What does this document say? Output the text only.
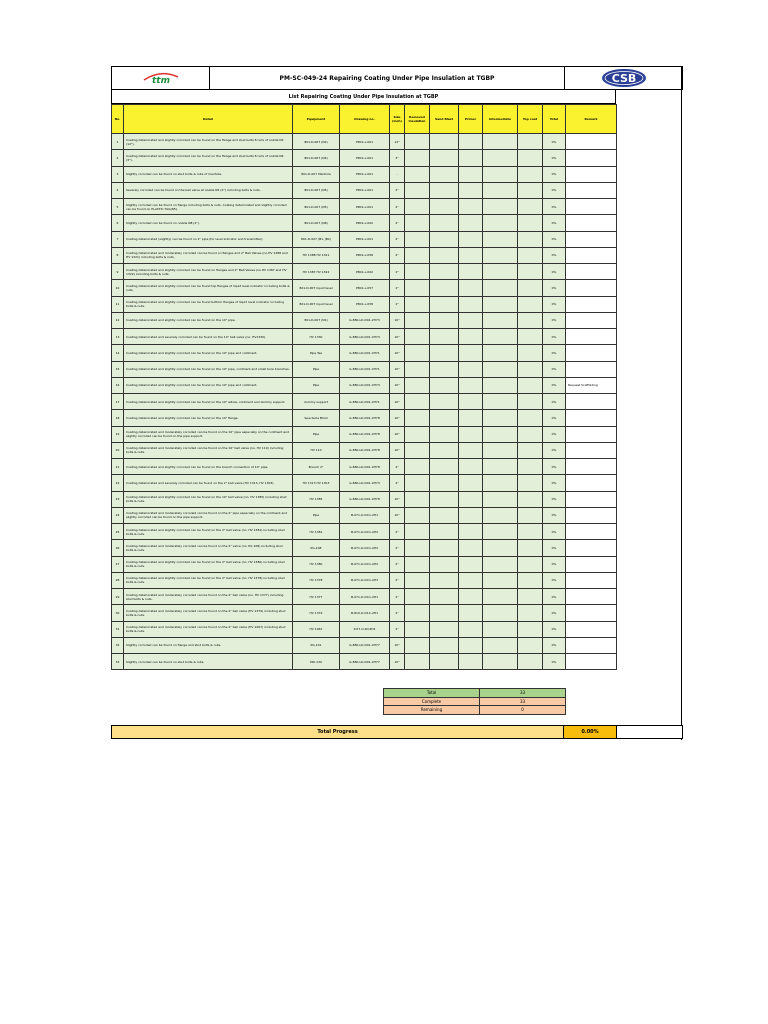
ttm	PM-SC-049-24 Repairing Coating Under Pipe Insulation at TGBP	CSB
List Repairing Coating Under Pipe Insulation at TGBP
No.	Detail	Equipment	Drawing no.	Size (inch)	Removed Insulation	Sand Blast	Primer	Intermediate	Top coat	Total	Remark
1	Coating deteriorated and slightly corroded can be found on the flange and stud bolts 8 nuts of nozzle N2 (12").	801-D-007 (N2)	P801-L-001	12"						0%	
2	Coating deteriorated and slightly corroded can be found on the flange and stud bolts 8 nuts of nozzle N4 (3").	801-D-007 (N4)	P801-L-001	3"						0%	
3	Slightly corroded can be found on stud bolts & nuts of manhole.	801-D-007 Manhole	P801-L-001	-						0%	
4	Severely corroded can be found on the ball valve at nozzle N5 (2") including bolts & nuts.	801-D-007 (N5)	P801-L-001	2"						0%	
5	Slightly corroded can be found on flange including bolts & nuts. Coating deteriorated and slightly corroded can be found on PLASTIC TAG(N5).	801-D-007 (N5)	P801-L-001	2"						0%	
6	Slightly corroded can be found on nozzle N8 (2").	801-D-007 (N8)	P801-L-002	2"						0%	
7	Coating deteriorated (slightly) can be found on 2" pipe (for level indicator and transmitter).	801-D-007 (B1, JB2)	P801-L-001	2"						0%	
8	Coating deteriorated and moderately corroded can be found on flanges and 2" Ball Valves (no.HV 1388 and HV 1321) including bolts & nuts.	HV 1388 HV 1321	P801-L-058	2"						0%	
9	Coating deteriorated and slightly corroded can be found on flanges and 2" Ball Valves (no.HV 1387 and HV 1322) including bolts & nuts.	HV 1387 HV 1322	P801-L-002	2"						0%	
10	Coating deteriorated and slightly corroded can be found top flanges of liquid level indicator including bolts & nuts.	801-D-007 liquid level	P801-L-057	2"						0%	
11	Coating deteriorated and slightly corroded can be found bottom flanges of liquid level indicator including bolts & nuts.	801-D-007 liquid level	P801-L-058	2"						0%	
12	Coating deteriorated and slightly corroded can be found on the 10" pipe.	801-D-007 (N1)	G-880-LO-D01-2H73	10"						0%	
13	Coating deteriorated and severely corroded can be found on the 10" ball valve (no. HV1330).	HV 1330	G-880-LO-D01-2H73	10"						0%	
14	Coating deteriorated and slightly corroded can be found on the 10" pipe and coldment.	Pipe Tee	G-880-LO-D01-2H71	10"						0%	
15	Coating deteriorated and slightly corroded can be found on the 10" pipe, coldment and small bore branches.	Pipe	G-880-LO-D01-2H71	10"						0%	
16	Coating deteriorated and slightly corroded can be found on the 10" pipe and coldment.	Pipe	G-880-LO-D01-2H73	10"						0%	Request Scaffolding
17	Coating deteriorated and slightly corroded can be found on the 10" elbow, coldment and dummy support.	dummy support	G-880-LO-D01-2H71	10"						0%	
18	Coating deteriorated and slightly corroded can be found on the 10" flange.	Spectacle Blind	G-880-LO-D01-2H78	10"						0%	
19	Coating deteriorated and moderately corroded can be found on the 10" pipe especially on the coldment and slightly corroded can be found on the pipe support.	Pipe	G-880-LO-D01-2H78	10"						0%	
20	Coating deteriorated and moderately corroded can be found on the 10" ball valve (no. HV 110) including bolts & nuts.	HV 110	G-880-LO-D01-2H78	10"						0%	
21	Coating deteriorated and slightly corroded can be found on the branch connection of 10" pipe.	Branch 2"	G-880-LO-D01-2H78	2"						0%	
22	Coating deteriorated and severely corroded can be found on the 2" ball valve (HV 1313, HV 1303).	HV 1313 HV 1303	G-880-LO-D01-2H73	2"						0%	
23	Coating deteriorated and slightly corroded can be found on the 10" ball valve (no. HV 1385) including stud bolts & nuts.	HV 1385	G-880-LO-D01-2H78	10"						0%	
24	Coating deteriorated and moderately corroded can be found on the 2" pipe especially on the coldment and slightly corroded can be found on the pipe support.	Pipe	B-071-O-DC1-2H1	10"						0%	
25	Coating deteriorated and slightly corroded can be found on the 2" ball valve (no. HV 1381) including stud bolts & nuts.	HV 1381	B-071-O-DC1-2H2	2"						0%	
26	Coating deteriorated and moderately corroded can be found on the 2" valve (no. PG 108) including stud bolts & nuts.	PG-108	B-071-O-DC1-2H2	2"						0%	
27	Coating deteriorated and slightly corroded can be found on the 2" ball valve (no. HV 1380) including stud bolts & nuts.	HV 1380	B-071-O-DC1-2H2	2"						0%	
28	Coating deteriorated and slightly corroded can be found on the 2" ball valve (no. HV 1378) including stud bolts & nuts.	HV 1378	B-071-O-DC1-2H3	2"						0%	
29	Coating deteriorated and moderately corroded can be found on the 2" ball valve (no. HV 1377) including stud bolts & nuts.	HV 1377	B-071-O-DC1-2H1	2"						0%	
30	Coating deteriorated and moderately corroded can be found on the 2" ball valve (HV 1379) including stud bolts & nuts.	HV 1379	B-810-O-D1C-2H1	2"						0%	
31	Coating deteriorated and moderately corroded can be found on the 2" ball valve (HV 1067) including stud bolts & nuts.	HV 1067	P-07-O-DC2H2	2"						0%	
32	Slightly corroded can be found on flange and stud bolts & nuts.	PG-101	G-880-LO-D01-2H77	10"						0%	
33	Slightly corroded can be found on stud bolts & nuts.	PDI-130	G-880-LO-D01-2H77	10"						0%	
Total	33
Complete	33
Remaining	0
Total Progress	0.00%
